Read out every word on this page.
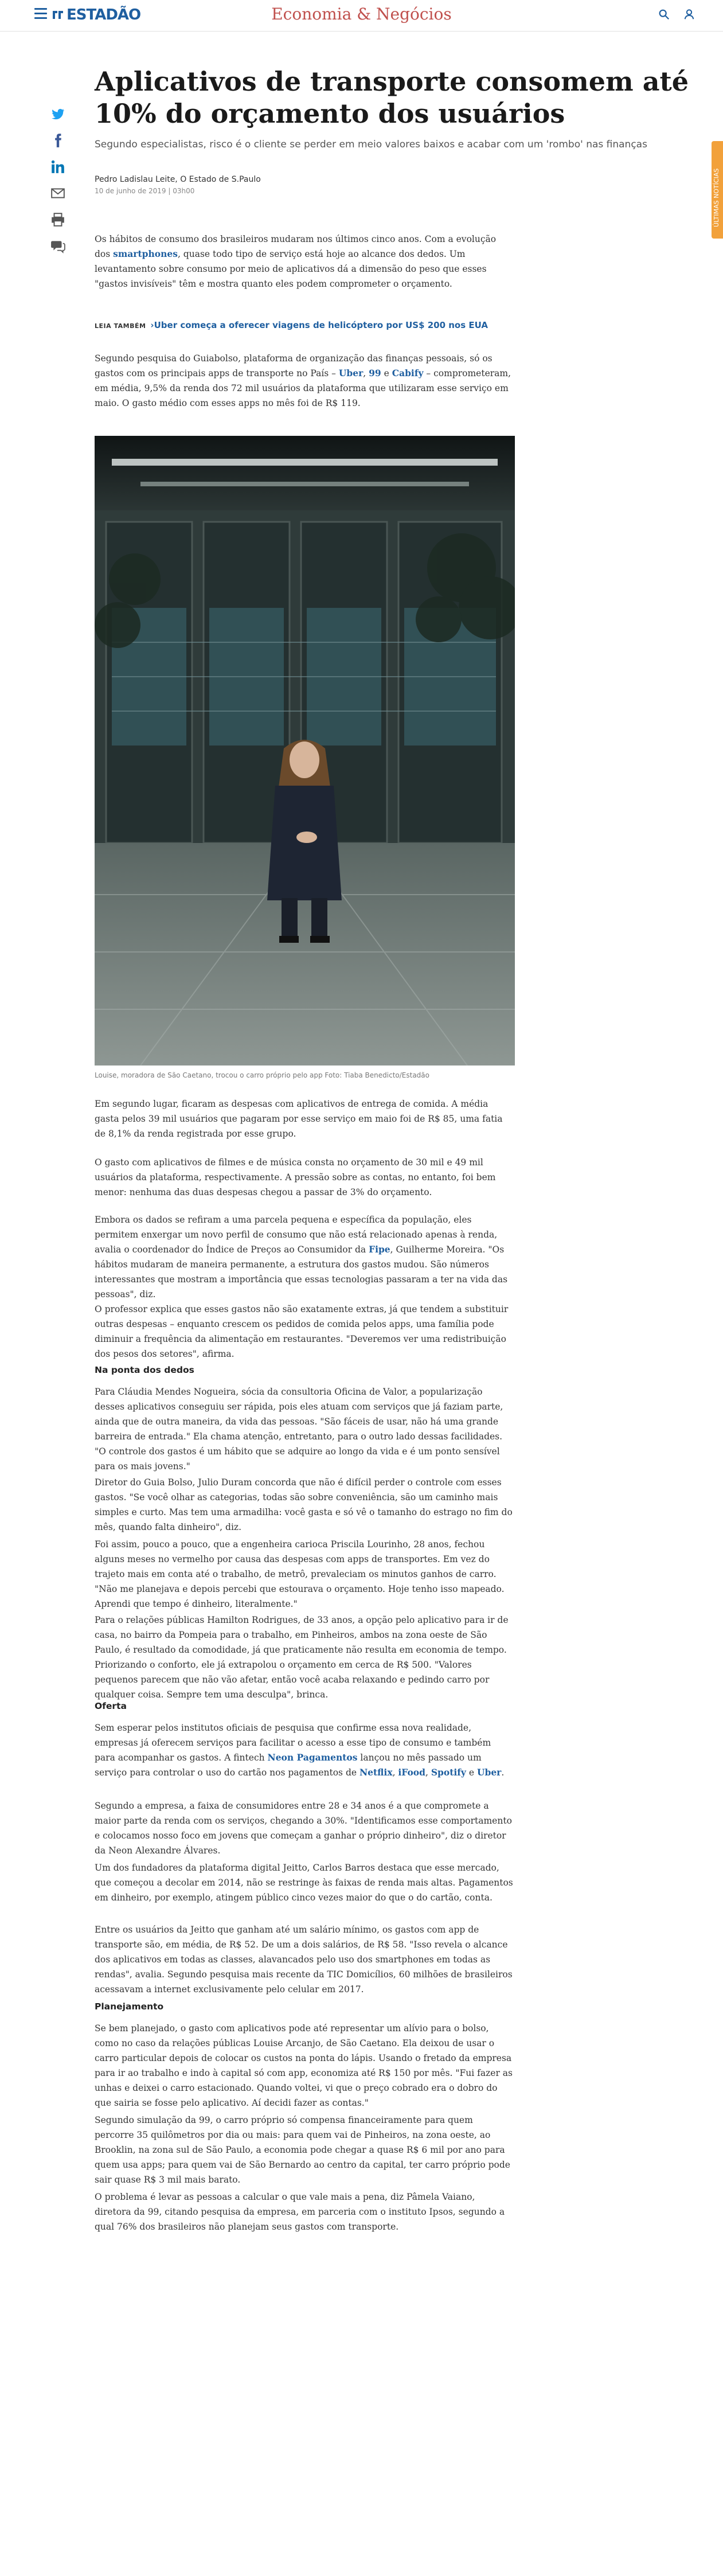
ESTADÃO	Economia & Negócios
ÚLTIMAS NOTÍCIAS
Aplicativos de transporte consomem até 10% do orçamento dos usuários
Segundo especialistas, risco é o cliente se perder em meio valores baixos e acabar com um 'rombo' nas finanças
Pedro Ladislau Leite, O Estado de S.Paulo
10 de junho de 2019 | 03h00

Os hábitos de consumo dos brasileiros mudaram nos últimos cinco anos. Com a evolução dos smartphones, quase todo tipo de serviço está hoje ao alcance dos dedos. Um levantamento sobre consumo por meio de aplicativos dá a dimensão do peso que esses "gastos invisíveis" têm e mostra quanto eles podem comprometer o orçamento.

LEIA TAMBÉM ›Uber começa a oferecer viagens de helicóptero por US$ 200 nos EUA

Segundo pesquisa do Guiabolso, plataforma de organização das finanças pessoais, só os gastos com os principais apps de transporte no País – Uber, 99 e Cabify – comprometeram, em média, 9,5% da renda dos 72 mil usuários da plataforma que utilizaram esse serviço em maio. O gasto médio com esses apps no mês foi de R$ 119.

Louise, moradora de São Caetano, trocou o carro próprio pelo app Foto: Tiaba Benedicto/Estadão

Em segundo lugar, ficaram as despesas com aplicativos de entrega de comida. A média gasta pelos 39 mil usuários que pagaram por esse serviço em maio foi de R$ 85, uma fatia de 8,1% da renda registrada por esse grupo.

O gasto com aplicativos de filmes e de música consta no orçamento de 30 mil e 49 mil usuários da plataforma, respectivamente. A pressão sobre as contas, no entanto, foi bem menor: nenhuma das duas despesas chegou a passar de 3% do orçamento.

Embora os dados se refiram a uma parcela pequena e específica da população, eles permitem enxergar um novo perfil de consumo que não está relacionado apenas à renda, avalia o coordenador do Índice de Preços ao Consumidor da Fipe, Guilherme Moreira. "Os hábitos mudaram de maneira permanente, a estrutura dos gastos mudou. São números interessantes que mostram a importância que essas tecnologias passaram a ter na vida das pessoas", diz.

O professor explica que esses gastos não são exatamente extras, já que tendem a substituir outras despesas – enquanto crescem os pedidos de comida pelos apps, uma família pode diminuir a frequência da alimentação em restaurantes. "Deveremos ver uma redistribuição dos pesos dos setores", afirma.

Na ponta dos dedos

Para Cláudia Mendes Nogueira, sócia da consultoria Oficina de Valor, a popularização desses aplicativos conseguiu ser rápida, pois eles atuam com serviços que já faziam parte, ainda que de outra maneira, da vida das pessoas. "São fáceis de usar, não há uma grande barreira de entrada." Ela chama atenção, entretanto, para o outro lado dessas facilidades. "O controle dos gastos é um hábito que se adquire ao longo da vida e é um ponto sensível para os mais jovens."

Diretor do Guia Bolso, Julio Duram concorda que não é difícil perder o controle com esses gastos. "Se você olhar as categorias, todas são sobre conveniência, são um caminho mais simples e curto. Mas tem uma armadilha: você gasta e só vê o tamanho do estrago no fim do mês, quando falta dinheiro", diz.

Foi assim, pouco a pouco, que a engenheira carioca Priscila Lourinho, 28 anos, fechou alguns meses no vermelho por causa das despesas com apps de transportes. Em vez do trajeto mais em conta até o trabalho, de metrô, prevaleciam os minutos ganhos de carro. "Não me planejava e depois percebi que estourava o orçamento. Hoje tenho isso mapeado. Aprendi que tempo é dinheiro, literalmente."

Para o relações públicas Hamilton Rodrigues, de 33 anos, a opção pelo aplicativo para ir de casa, no bairro da Pompeia para o trabalho, em Pinheiros, ambos na zona oeste de São Paulo, é resultado da comodidade, já que praticamente não resulta em economia de tempo. Priorizando o conforto, ele já extrapolou o orçamento em cerca de R$ 500. "Valores pequenos parecem que não vão afetar, então você acaba relaxando e pedindo carro por qualquer coisa. Sempre tem uma desculpa", brinca.

Oferta

Sem esperar pelos institutos oficiais de pesquisa que confirme essa nova realidade, empresas já oferecem serviços para facilitar o acesso a esse tipo de consumo e também para acompanhar os gastos. A fintech Neon Pagamentos lançou no mês passado um serviço para controlar o uso do cartão nos pagamentos de Netflix, iFood, Spotify e Uber.

Segundo a empresa, a faixa de consumidores entre 28 e 34 anos é a que compromete a maior parte da renda com os serviços, chegando a 30%. "Identificamos esse comportamento e colocamos nosso foco em jovens que começam a ganhar o próprio dinheiro", diz o diretor da Neon Alexandre Álvares.

Um dos fundadores da plataforma digital Jeitto, Carlos Barros destaca que esse mercado, que começou a decolar em 2014, não se restringe às faixas de renda mais altas. Pagamentos em dinheiro, por exemplo, atingem público cinco vezes maior do que o do cartão, conta.

Entre os usuários da Jeitto que ganham até um salário mínimo, os gastos com app de transporte são, em média, de R$ 52. De um a dois salários, de R$ 58. "Isso revela o alcance dos aplicativos em todas as classes, alavancados pelo uso dos smartphones em todas as rendas", avalia. Segundo pesquisa mais recente da TIC Domicílios, 60 milhões de brasileiros acessavam a internet exclusivamente pelo celular em 2017.

Planejamento

Se bem planejado, o gasto com aplicativos pode até representar um alívio para o bolso, como no caso da relações públicas Louise Arcanjo, de São Caetano. Ela deixou de usar o carro particular depois de colocar os custos na ponta do lápis. Usando o fretado da empresa para ir ao trabalho e indo à capital só com app, economiza até R$ 150 por mês. "Fui fazer as unhas e deixei o carro estacionado. Quando voltei, vi que o preço cobrado era o dobro do que sairia se fosse pelo aplicativo. Aí decidi fazer as contas."

Segundo simulação da 99, o carro próprio só compensa financeiramente para quem percorre 35 quilômetros por dia ou mais: para quem vai de Pinheiros, na zona oeste, ao Brooklin, na zona sul de São Paulo, a economia pode chegar a quase R$ 6 mil por ano para quem usa apps; para quem vai de São Bernardo ao centro da capital, ter carro próprio pode sair quase R$ 3 mil mais barato.

O problema é levar as pessoas a calcular o que vale mais a pena, diz Pâmela Vaiano, diretora da 99, citando pesquisa da empresa, em parceria com o instituto Ipsos, segundo a qual 76% dos brasileiros não planejam seus gastos com transporte.
